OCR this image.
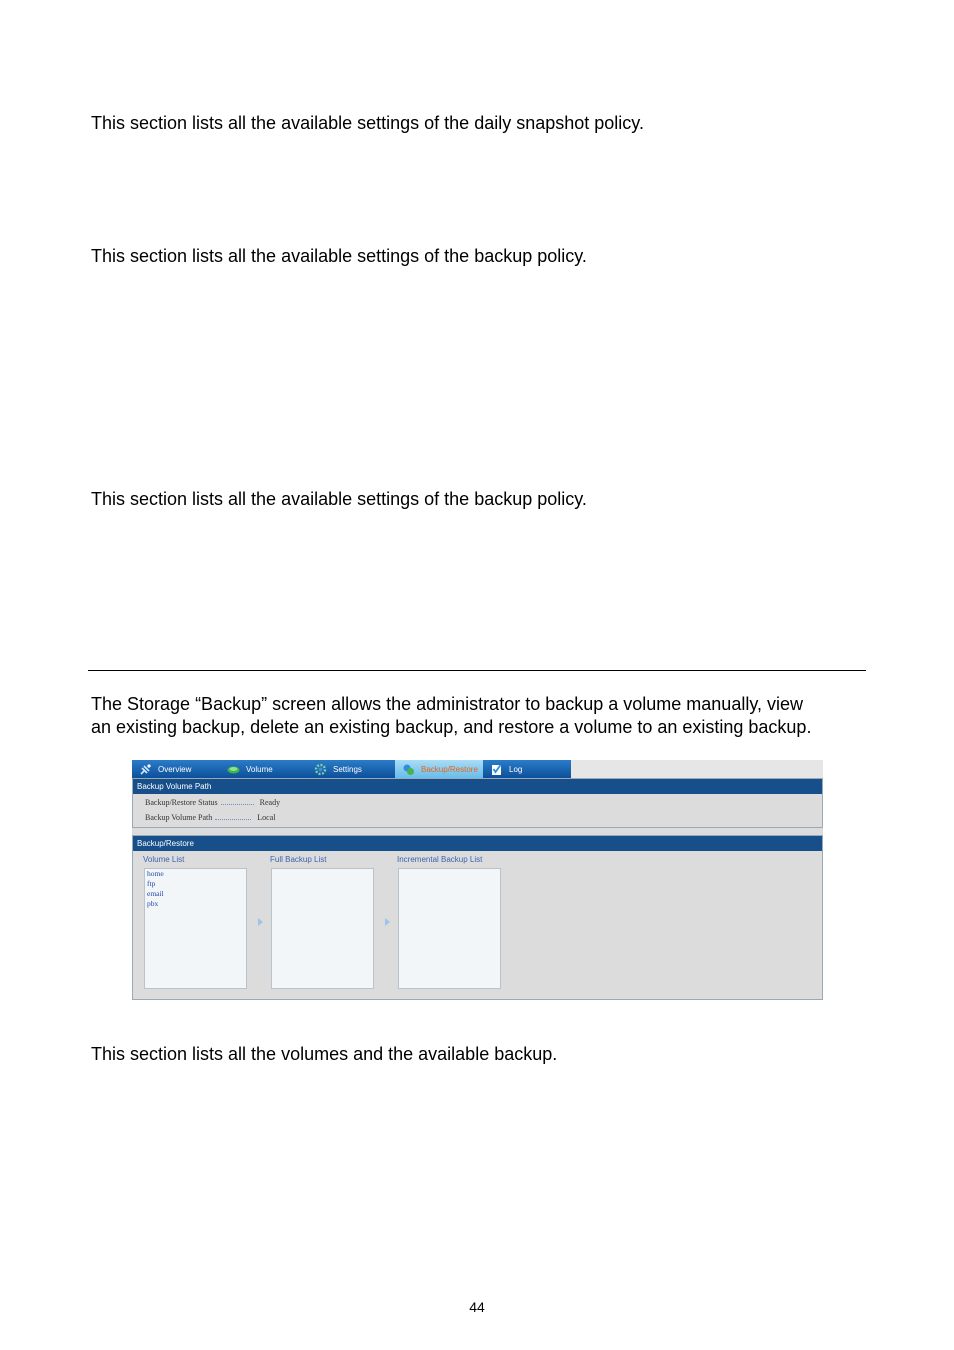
This section lists all the available settings of the daily snapshot policy.

This section lists all the available settings of the backup policy.

This section lists all the available settings of the backup policy.

The Storage “Backup” screen allows the administrator to backup a volume manually, view
an existing backup, delete an existing backup, and restore a volume to an existing backup.

Overview	Volume	Settings	Backup/Restore	Log
Backup Volume Path
Backup/Restore Status	Ready
Backup Volume Path	Local
Backup/Restore
Volume List	Full Backup List	Incremental Backup List
home
ftp
email
pbx

This section lists all the volumes and the available backup.

44
